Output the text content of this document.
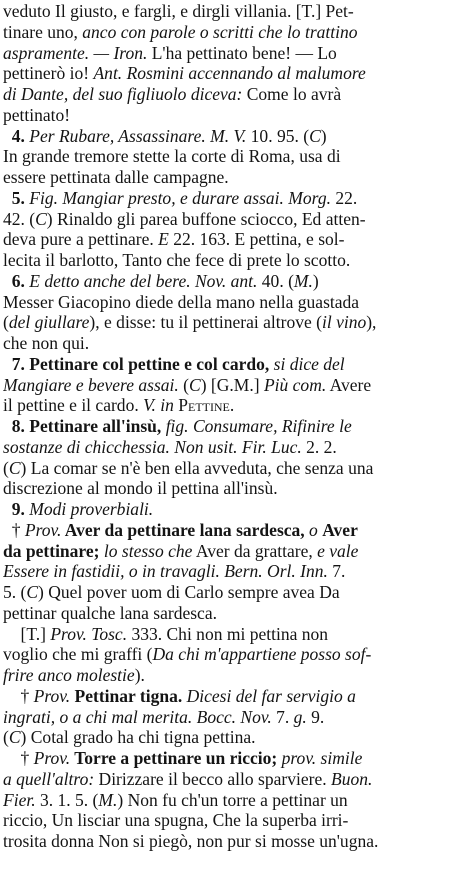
veduto Il giusto, e fargli, e dirgli villania. [T.] Pet-
tinare uno, anco con parole o scritti che lo trattino
aspramente. — Iron. L'ha pettinato bene! — Lo
pettinerò io! Ant. Rosmini accennando al malumore
di Dante, del suo figliuolo diceva: Come lo avrà
pettinato!
4. Per Rubare, Assassinare. M. V. 10. 95. (C)
In grande tremore stette la corte di Roma, usa di
essere pettinata dalle campagne.
5. Fig. Mangiar presto, e durare assai. Morg. 22.
42. (C) Rinaldo gli parea buffone sciocco, Ed atten-
deva pure a pettinare. E 22. 163. E pettina, e sol-
lecita il barlotto, Tanto che fece di prete lo scotto.
6. E detto anche del bere. Nov. ant. 40. (M.)
Messer Giacopino diede della mano nella guastada
(del giullare), e disse: tu il pettinerai altrove (il vino),
che non qui.
7. Pettinare col pettine e col cardo, si dice del
Mangiare e bevere assai. (C) [G.M.] Più com. Avere
il pettine e il cardo. V. in Pettine.
8. Pettinare all'insù, fig. Consumare, Rifinire le
sostanze di chicchessia. Non usit. Fir. Luc. 2. 2.
(C) La comar se n'è ben ella avveduta, che senza una
discrezione al mondo il pettina all'insù.
9. Modi proverbiali.
† Prov. Aver da pettinare lana sardesca, o Aver
da pettinare; lo stesso che Aver da grattare, e vale
Essere in fastidii, o in travagli. Bern. Orl. Inn. 7.
5. (C) Quel pover uom di Carlo sempre avea Da
pettinar qualche lana sardesca.
[T.] Prov. Tosc. 333. Chi non mi pettina non
voglio che mi graffi (Da chi m'appartiene posso sof-
frire anco molestie).
† Prov. Pettinar tigna. Dicesi del far servigio a
ingrati, o a chi mal merita. Bocc. Nov. 7. g. 9.
(C) Cotal grado ha chi tigna pettina.
† Prov. Torre a pettinare un riccio; prov. simile
a quell'altro: Dirizzare il becco allo sparviere. Buon.
Fier. 3. 1. 5. (M.) Non fu ch'un torre a pettinar un
riccio, Un lisciar una spugna, Che la superba irri-
trosita donna Non si piegò, non pur si mosse un'ugna.
